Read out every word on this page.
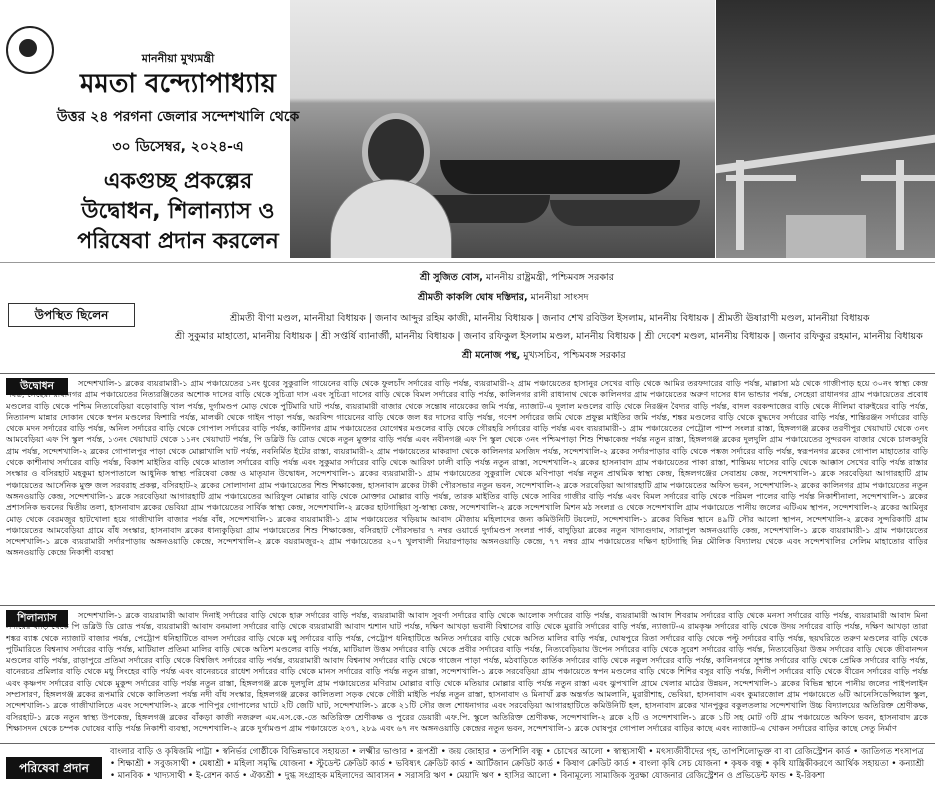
মাননীয়া মুখ্যমন্ত্রী
মমতা বন্দ্যোপাধ্যায়
উত্তর ২৪ পরগনা জেলার সন্দেশখালি থেকে
৩০ ডিসেম্বর, ২০২৪-এ
একগুচ্ছ প্রকল্পের
উদ্বোধন, শিলান্যাস ও
পরিষেবা প্রদান করলেন
উপস্থিত ছিলেন
শ্রী সুজিত বোস, মাননীয় রাষ্ট্রমন্ত্রী, পশ্চিমবঙ্গ সরকার
শ্রীমতী কাকলি ঘোষ দস্তিদার, মাননীয়া সাংসদ
শ্রীমতী বীণা মণ্ডল, মাননীয়া বিধায়ক | জনাব আব্দুর রহিম কাজী, মাননীয় বিধায়ক | জনাব শেখ রবিউল ইসলাম, মাননীয় বিধায়ক | শ্রীমতী ঊষারাণী মণ্ডল, মাননীয়া বিধায়ক
শ্রী সুকুমার মাহাতো, মাননীয় বিধায়ক | শ্রী সপ্তর্ষি ব্যানার্জী, মাননীয় বিধায়ক | জনাব রফিকুল ইসলাম মণ্ডল, মাননীয় বিধায়ক | শ্রী দেবেশ মণ্ডল, মাননীয় বিধায়ক | জনাব রফিকুর রহমান, মাননীয় বিধায়ক
শ্রী মনোজ পন্থ, মুখ্যসচিব, পশ্চিমবঙ্গ সরকার
উদ্বোধন	সন্দেশখালি-১ ব্লকের ব্যয়রামারী-১ গ্রাম পঞ্চায়েতের ১নং ধুবের সুকুরালি গায়েনের বাড়ি থেকে ফুলচাঁদ সর্দারের বাড়ি পর্যন্ত, ব্যয়রামারী-২ গ্রাম পঞ্চায়েতের হাসানুর সেখের বাড়ি থেকে আমির তরফদারের বাড়ি পর্যন্ত, মাল্লাসা মঠ থেকে গাজীপাড় হয়ে ৩০নং স্বাস্থ্য কেন্দ্র পর্যন্ত, সেহেরা রাধানগর গ্রাম পঞ্চায়েতের নিত্যরঞ্জিতের অশোক দাসের বাড়ি থেকে সুচিত্রা দাস এবং সুচিত্রা দাসের বাড়ি থেকে বিমল সর্দারের বাড়ি পর্যন্ত, কালিনগর রানী রাধানাথ থেকে কালিনগর গ্রাম পঞ্চায়েতের অরুণ দাসের ধান ভান্ডার পর্যন্ত, সেহেরা রাধানগর গ্রাম পঞ্চায়েতের প্রবোধ মণ্ডলের বাড়ি থেকে পশ্চিম নিত্যবেড়িয়া বড়োবাড়ি খাল পর্যন্ত, দুর্গামণ্ডপ মোড় থেকে পুটিমারি ঘাট পর্যন্ত, ব্যয়রামারী বাজার থেকে সন্তোষ নায়েকের জমি পর্যন্ত, ন্যাজাট-এ দুলাল মণ্ডলের বাড়ি থেকে নিরঞ্জন বৈদ্যর বাড়ি পর্যন্ত, বাদল বরকন্দাজের বাড়ি থেকে নীলিমা বারুইয়ের বাড়ি পর্যন্ত, নিত্যানন্দ মান্নার দোকান থেকে স্বপন মণ্ডলের ফিশারি পর্যন্ত, মালঞ্চী থেকে গাইন পাড়া পর্যন্ত, অরবিন্দ গায়েনের বাড়ি থেকে জল ধর দাসের বাড়ি পর্যন্ত, গণেশ সর্দারের জমি থেকে প্রফুল্ল মাইতির জমি পর্যন্ত, শঙ্কর মণ্ডলের বাড়ি থেকে বুদ্ধদেব সর্দারের বাড়ি পর্যন্ত, শান্তিরঞ্জন সর্দারের বাড়ি থেকে মদন সর্দারের বাড়ি পর্যন্ত, অনিল সর্দারের বাড়ি থেকে গোপাল সর্দারের বাড়ি পর্যন্ত, কাটিনগর গ্রাম পঞ্চায়েতের যোগেশ্বর মণ্ডলের বাড়ি থেকে গৌরহরি সর্দারের বাড়ি পর্যন্ত এবং ব্যয়রামারী-১ গ্রাম পঞ্চায়েতের পেট্রোল পাম্প সংলগ্ন রাস্তা, হিঙ্গলগঞ্জ ব্লকের তরণীপুর খেয়াঘাট থেকে ৩নং আমবেড়িয়া এফ পি স্কুল পর্যন্ত, ১৩নং খেয়াঘাট থেকে ১১নং খেয়াঘাট পর্যন্ত, পি ডব্লিউ ডি রোড থেকে নতুন মুক্তার বাড়ি পর্যন্ত এবং নবীনগঞ্জ এফ পি স্কুল থেকে ৩নং পশ্চিমপাড়া শিশু শিক্ষাকেন্দ্র পর্যন্ত নতুন রাস্তা, হিঙ্গলগঞ্জ ব্লকের দুলদুলি গ্রাম পঞ্চায়েতের সুন্দরবন বাজার থেকে চালকদুরি গ্রাম পর্যন্ত, সন্দেশখালি-২ ব্লকের গোপালপুর পাড়া থেকে মোল্লাখালি ঘাট পর্যন্ত, নবনির্মিত ইটের রাস্তা, ব্যয়রামারী-২ গ্রাম পঞ্চায়েতের মাকরাদা থেকে কালিনগর মসজিদ পর্যন্ত, সন্দেশখালি-২ ব্লকের সর্দারপাড়ার বাড়ি থেকে পঙ্কজ সর্দারের বাড়ি পর্যন্ত, স্বরূপনগর ব্লকের গোপাল মাহাতোর বাড়ি থেকে কাশীনাথ সর্দারের বাড়ি পর্যন্ত, বিকাশ মাইতির বাড়ি থেকে মাতাল সর্দারের বাড়ি পর্যন্ত এবং সুকুমার সর্দারের বাড়ি থেকে আরিফা ঢালী বাড়ি পর্যন্ত নতুন রাস্তা, সন্দেশখালি-২ ব্লকের হাসনাবাদ গ্রাম পঞ্চায়েতের পাকা রাস্তা, শান্তিময় দাসের বাড়ি থেকে আক্কাস সেখের বাড়ি পর্যন্ত রাস্তার সংস্কার ও বসিরহাট মহকুমা হাসপাতালে আধুনিক স্বাস্থ্য পরিষেবা কেন্দ্র ও মাতৃযান উদ্বোধন, সন্দেশখালি-১ ব্লকের ব্যয়রামারী-১ গ্রাম পঞ্চায়েতের সুকুরালি থেকে মণিপাড়া পর্যন্ত নতুন প্রাথমিক স্বাস্থ্য কেন্দ্র, হিঙ্গলগঞ্জের সেবাশ্রয় কেন্দ্র, সন্দেশখালি-১ ব্লকে সরবেড়িয়া আগারহাটি গ্রাম পঞ্চায়েতের আর্সেনিক মুক্ত জল সরবরাহ প্রকল্প, বসিরহাট-২ ব্লকের সোলাদানা গ্রাম পঞ্চায়েতের শিশু শিক্ষাকেন্দ্র, হাসনাবাদ ব্লকের টাকী পৌরসভার নতুন ভবন, সন্দেশখালি-২ ব্লকে সরবেড়িয়া আগারহাটি গ্রাম পঞ্চায়েতের অফিস ভবন, সন্দেশখালি-২ ব্লকের কালিনগর গ্রাম পঞ্চায়েতের নতুন অঙ্গনওয়াড়ি কেন্দ্র, সন্দেশখালি-১ ব্লকে সরবেড়িয়া আগারহাটি গ্রাম পঞ্চায়েতের আরিফুল মোল্লার বাড়ি থেকে মোক্তার মোল্লার বাড়ি পর্যন্ত, তারক মাইতির বাড়ি থেকে সাবির গাজীর বাড়ি পর্যন্ত এবং বিমল সর্দারের বাড়ি থেকে পরিমল পালের বাড়ি পর্যন্ত নিকাশীনালা, সন্দেশখালি-১ ব্লকের প্রশাসনিক ভবনের দ্বিতীয় তলা, হাসনাবাদ ব্লকের ভেবিয়া গ্রাম পঞ্চায়েতের সার্বিক স্বাস্থ্য কেন্দ্র, সন্দেশখালি-২ ব্লকের হাটগাছিয়া সু-স্বাস্থ্য কেন্দ্র, সন্দেশখালি-২ ব্লকে সন্দেশখালি মিশন মঠ সংলগ্ন ও থেকে সন্দেশখালি গ্রাম পঞ্চায়েতে পানীয় জলের এটিএম স্থাপন, সন্দেশখালি-২ ব্লকের আমিনুর মোড় থেকে বেরমজুর হাটখোলা হয়ে গাজীখালি বাজার পর্যন্ত বাঁধ, সন্দেশখালি-১ ব্লকের ব্যয়রামারী-১ গ্রাম পঞ্চায়েতের খড়িয়াম আবাদ মৌজায় মহিলাদের জন্য কমিউনিটি টয়লেট, সন্দেশখালি-১ ব্লকের বিভিন্ন স্থানে ৪৯টি সৌর আলো স্থাপন, সন্দেশখালি-২ ব্লকের সুন্দরিকাটি গ্রাম পঞ্চায়েতের আমবেড়িয়া গ্রামে বাঁধ সংস্কার, হাসনাবাদ ব্লকের ধান্যকুড়িয়া গ্রাম পঞ্চায়েতের শিশু শিক্ষাকেন্দ্র, বসিরহাট পৌরসভার ৭ নম্বর ওয়ার্ডে দুর্গামণ্ডপ সংলগ্ন পার্ক, বাদুড়িয়া ব্লকের নতুন খাদ্যগুদাম, সারাপুল অঙ্গনওয়াড়ি কেন্দ্র, সন্দেশখালি-১ ব্লকে ব্যয়রামারী-১ গ্রাম পঞ্চায়েতের সন্দেশখালি-১ ব্লকে ব্যয়রামারী সর্দারপাড়ায় অঙ্গনওয়াড়ি কেন্দ্রে, সন্দেশখালি-২ ব্লকে বয়রামজুর-২ গ্রাম পঞ্চায়েতের ২০৭ খুলখালী নিয়ারপাড়ায় অঙ্গনওয়াড়ি কেন্দ্রে, ৭৭ নম্বর গ্রাম পঞ্চায়েতের দক্ষিণ হাটগাছি নিম্ন মৌলিক বিদ্যালয় থেকে এবং সন্দেশখালির সেলিম মাহাতোর বাড়ির অঙ্গনওয়াড়ি কেন্দ্রে নিকাশী ব্যবস্থা
শিলান্যাস	সন্দেশখালি-১ ব্লকে ব্যয়রামারী আবাদ দিনাই সর্দারের বাড়ি থেকে হারু সর্দারের বাড়ি পর্যন্ত, ব্যয়রামারী আবাদ সুবর্ণা সর্দারের বাড়ি থেকে আলোক সর্দারের বাড়ি পর্যন্ত, ব্যয়রামারী আবাদ শিবরাম সর্দারের বাড়ি থেকে মনসা সর্দারের বাড়ি পর্যন্ত, ব্যয়রামারী আবাদ মিনা সর্দারের বাড়ি থেকে পি ডব্লিউ ডি রোড পর্যন্ত, ব্যয়রামারী আবাদ বনমালা সর্দারের বাড়ি থেকে ব্যয়রামারী আবাদ শ্মশান ঘাট পর্যন্ত, দক্ষিণ আখড়া ভবানী বিশ্বাসের বাড়ি থেকে মুরারি সর্দারের বাড়ি পর্যন্ত, ন্যাজাট-এ রামকৃষ্ণ সর্দারের বাড়ি থেকে উদয় সর্দারের বাড়ি পর্যন্ত, দক্ষিণ আখড়া তারা শঙ্কর ব্যাঙ্ক থেকে ন্যাজাট বাজার পর্যন্ত, পেট্রোপ ধনিহাটিতে বাদল সর্দারের বাড়ি থেকে মধু সর্দারের বাড়ি পর্যন্ত, পেট্রোপ ধনিহাটিতে অনিত সর্দারের বাড়ি থেকে অসিত মালির বাড়ি পর্যন্ত, ঘোষপুরে রিতা সর্দারের বাড়ি থেকে পল্টু সর্দারের বাড়ি পর্যন্ত, ছয়ঘরিতে তরুণ মণ্ডলের বাড়ি থেকে পুটিমারিতে বিশ্বনাথ সর্দারের বাড়ি পর্যন্ত, মাটিয়াল প্রতিমা মালির বাড়ি থেকে অতিশ মণ্ডলের বাড়ি পর্যন্ত, মাটিয়াল উত্তম সর্দারের বাড়ি থেকে প্রবীর সর্দারের বাড়ি পর্যন্ত, নিত্যবেড়িয়ায় উপেন সর্দারের বাড়ি থেকে সুরেশ সর্দারের বাড়ি পর্যন্ত, নিত্যবেড়িয়া উত্তম সর্দারের বাড়ি থেকে জীবানন্দন মণ্ডলের বাড়ি পর্যন্ত, রাড়াপুরে প্রতিমা সর্দারের বাড়ি থেকে বিশ্বজিৎ সর্দারের বাড়ি পর্যন্ত, ব্যয়রামারী আবাদ বিশ্বনাথ সর্দারের বাড়ি থেকে গাজেন পাড়া পর্যন্ত, মঠবাড়িতে কার্তিক সর্দারের বাড়ি থেকে নকুল সর্দারের বাড়ি পর্যন্ত, কালিনগরে সুশান্ত সর্দারের বাড়ি থেকে প্রেমিক সর্দারের বাড়ি পর্যন্ত, বানেরচর প্রমিলার বাড়ি থেকে মধু সিংহের বাড়ি পর্যন্ত এবং বানেরচরে রাধেশ সর্দারের বাড়ি থেকে মানস সর্দারের বাড়ি পর্যন্ত নতুন রাস্তা, সন্দেশখালি-১ ব্লকে সরবেড়িয়া গ্রাম পঞ্চায়েতে স্বপন মণ্ডলের বাড়ি থেকে শিশির বসুর বাড়ি পর্যন্ত, দিলীপ সর্দারের বাড়ি থেকে বীরেন সর্দারের বাড়ি পর্যন্ত এবং কৃষ্ণপদ সর্দারের বাড়ি থেকে মুকুন্দ সর্দারের বাড়ি পর্যন্ত নতুন রাস্তা, হিঙ্গলগঞ্জ ব্লকে দুলদুলি গ্রাম পঞ্চায়েতের মণিরাম মোল্লার বাড়ি থেকে মতিয়ার মোল্লার বাড়ি পর্যন্ত নতুন রাস্তা এবং ঝুপখালি গ্রামে খেলার মাঠের উন্নয়ন, সন্দেশখালি-১ ব্লকের বিভিন্ন স্থানে পানীয় জলের পাইপলাইন সম্প্রসারণ, হিঙ্গলগঞ্জ ব্লকের রূপমারি থেকে কালিতলা পর্যন্ত নদী বাঁধ সংস্কার, হিঙ্গলগঞ্জ ব্লকের কালিতলা সড়ক থেকে গৌরী মাইতি পর্যন্ত নতুন রাস্তা, হাসনাবাদ ও মিনাখাঁ ব্লক অন্তর্গত আমলানি, মুরারীশাহ, ভেবিয়া, হাসনাবাদ এবং কুমারজোল গ্রাম পঞ্চায়েতে ৬টি আনেসিডেন্সিয়াল স্কুল, সন্দেশখালি-১ ব্লকে গাজীখালিতে এবং সন্দেশখালি-২ ব্লকে পাণিপুর গোপালের ঘাটে ২টি জেটি ঘাট, সন্দেশখালি-১ ব্লকে ২১টি সৌর জল শোধনাগার এবং সরবেড়িয়া আগারহাটিতে কমিউনিটি হল, হাসনাবাদ ব্লকের খানপুকুর বকুলতলায় সন্দেশখালি উচ্চ বিদ্যালয়ের অতিরিক্ত শ্রেণীকক্ষ, বসিরহাট-১ ব্লকে নতুন স্বাস্থ্য উপকেন্দ্র, হিঙ্গলগঞ্জ ব্লকের বাঁকড়া কাজী নজরুল এম.এস.কে.-তে অতিরিক্ত শ্রেণীকক্ষ ও পুরের ডেয়ারী এফ.পি. স্কুলে অতিরিক্ত শ্রেণীকক্ষ, সন্দেশখালি-২ ব্লকে ২টি ও সন্দেশখালি-১ ব্লকে ১টি সহ মোট ৩টি গ্রাম পঞ্চায়েতে অফিস ভবন, হাসনাবাদ ব্লকে শিক্ষাসদন থেকে চম্পক ঘোষের বাড়ি পর্যন্ত নিকাশী ব্যবস্থা, সন্দেশখালি-২ ব্লকে দুর্গামণ্ডপ গ্রাম পঞ্চায়েতে ২৩৭, ২৮৯ এবং ৬৭ নং অঙ্গনওয়াড়ি কেন্দ্রের নতুন ভবন, সন্দেশখালি-১ ব্লকে ঘোষপুর গোপাল সর্দারের বাড়ির কাছে এবং ন্যাজাট-এ খোকন সর্দারের বাড়ির কাছে সেতু নির্মাণ
পরিষেবা প্রদান
বাংলার বাড়ি ও কৃষিজমি পাট্টা • স্বনির্ভর গোষ্ঠীকে বিভিন্নভাবে সহায়তা • লক্ষ্মীর ভাণ্ডার • রূপশ্রী • জয় জোহার • তপশিলি বন্ধু • চোখের আলো • স্বাস্থ্যসাথী • মৎস্যজীবীদের গৃহ, তাপশিলোভুক্ত বা বা রেজিস্ট্রেশন কার্ড • জাতিগত শংসাপত্র • শিক্ষাশ্রী • সবুজসাথী • মেধাশ্রী • মহিলা সমৃদ্ধি যোজনা • স্টুডেন্ট ক্রেডিট কার্ড • ভবিষ্যৎ ক্রেডিট কার্ড • আর্টিজান ক্রেডিট কার্ড • কিষাণ ক্রেডিট কার্ড • বাংলা কৃষি সেচ যোজনা • কৃষক বন্ধু • কৃষি যান্ত্রিকীকরণে আর্থিক সহায়তা • কন্যাশ্রী • মানবিক • খাদ্যসাথী • ই-রেশন কার্ড • ঐক্যশ্রী • দুগ্ধ সংগ্রাহক মহিলাদের আবাসন • সরাসরি ঋণ • মেয়াদি ঋণ • হাসির আলো • বিনামূল্যে সামাজিক সুরক্ষা যোজনার রেজিস্ট্রেশন ও প্রভিডেন্ট ফান্ড • ই-রিকশা
